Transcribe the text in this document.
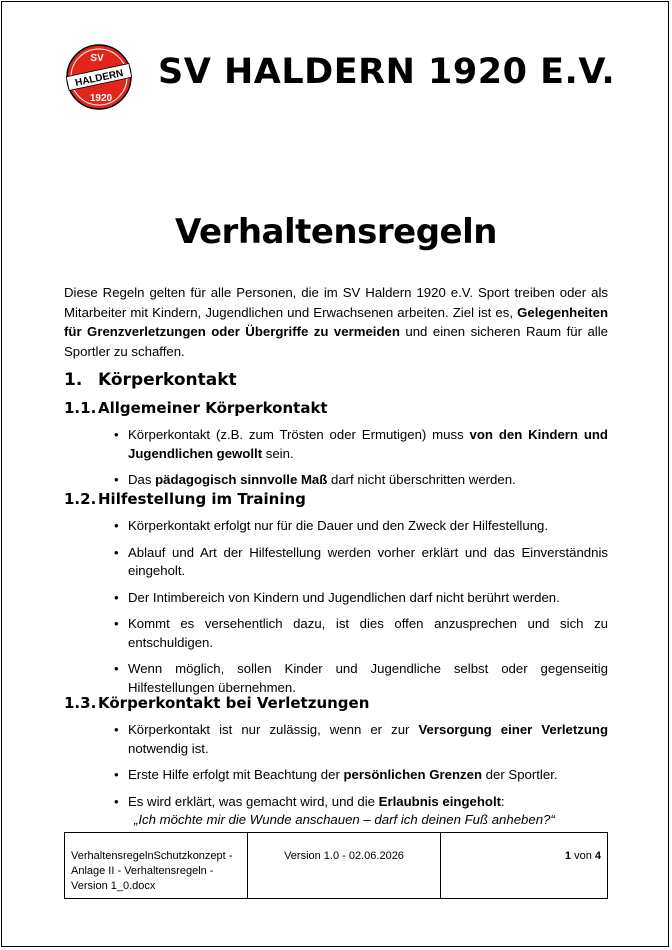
SV
HALDERN
1920
SV HALDERN 1920 E.V.
Verhaltensregeln

Diese Regeln gelten für alle Personen, die im SV Haldern 1920 e.V. Sport treiben oder als Mitarbeiter mit Kindern, Jugendlichen und Erwachsenen arbeiten. Ziel ist es, Gelegenheiten für Grenzverletzungen oder Übergriffe zu vermeiden und einen sicheren Raum für alle Sportler zu schaffen.

1. Körperkontakt
1.1. Allgemeiner Körperkontakt
• Körperkontakt (z.B. zum Trösten oder Ermutigen) muss von den Kindern und Jugendlichen gewollt sein.
• Das pädagogisch sinnvolle Maß darf nicht überschritten werden.
1.2. Hilfestellung im Training
• Körperkontakt erfolgt nur für die Dauer und den Zweck der Hilfestellung.
• Ablauf und Art der Hilfestellung werden vorher erklärt und das Einverständnis eingeholt.
• Der Intimbereich von Kindern und Jugendlichen darf nicht berührt werden.
• Kommt es versehentlich dazu, ist dies offen anzusprechen und sich zu entschuldigen.
• Wenn möglich, sollen Kinder und Jugendliche selbst oder gegenseitig Hilfestellungen übernehmen.
1.3. Körperkontakt bei Verletzungen
• Körperkontakt ist nur zulässig, wenn er zur Versorgung einer Verletzung notwendig ist.
• Erste Hilfe erfolgt mit Beachtung der persönlichen Grenzen der Sportler.
• Es wird erklärt, was gemacht wird, und die Erlaubnis eingeholt:
„Ich möchte mir die Wunde anschauen – darf ich deinen Fuß anheben?“
VerhaltensregelnSchutzkonzept - Anlage II - Verhaltensregeln - Version 1_0.docx	Version 1.0 - 02.06.2026	1 von 4
